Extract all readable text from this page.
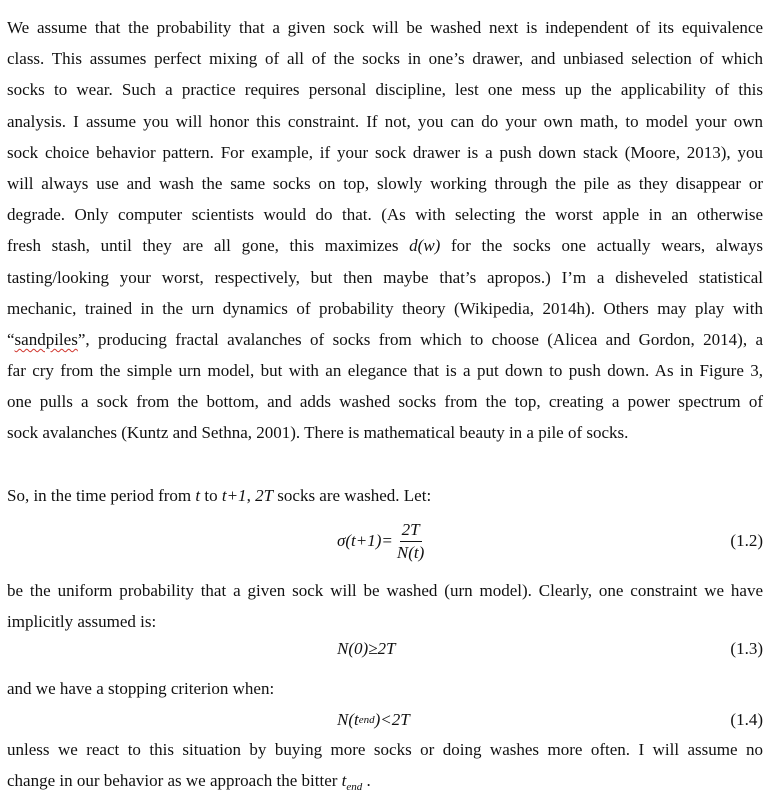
We assume that the probability that a given sock will be washed next is independent of its equivalence
class. This assumes perfect mixing of all of the socks in one’s drawer, and unbiased selection of which
socks to wear. Such a practice requires personal discipline, lest one mess up the applicability of this
analysis. I assume you will honor this constraint. If not, you can do your own math, to model your own
sock choice behavior pattern. For example, if your sock drawer is a push down stack (Moore, 2013), you
will always use and wash the same socks on top, slowly working through the pile as they disappear or
degrade. Only computer scientists would do that. (As with selecting the worst apple in an otherwise
fresh stash, until they are all gone, this maximizes d(w) for the socks one actually wears, always
tasting/looking your worst, respectively, but then maybe that’s apropos.) I’m a disheveled statistical
mechanic, trained in the urn dynamics of probability theory (Wikipedia, 2014h). Others may play with
“sandpiles”, producing fractal avalanches of socks from which to choose (Alicea and Gordon, 2014), a
far cry from the simple urn model, but with an elegance that is a put down to push down. As in Figure 3,
one pulls a sock from the bottom, and adds washed socks from the top, creating a power spectrum of
sock avalanches (Kuntz and Sethna, 2001). There is mathematical beauty in a pile of socks.

So, in the time period from t to t+1, 2T socks are washed. Let:

$\sigma(t+1)= \frac{2T}{N(t)}$	(1.2)

be the uniform probability that a given sock will be washed (urn model). Clearly, one constraint we have
implicitly assumed is:

N(0)≥2T	(1.3)

and we have a stopping criterion when:

N(t end )<2T	(1.4)

unless we react to this situation by buying more socks or doing washes more often. I will assume no
change in our behavior as we approach the bitter $t_{end}$ .
